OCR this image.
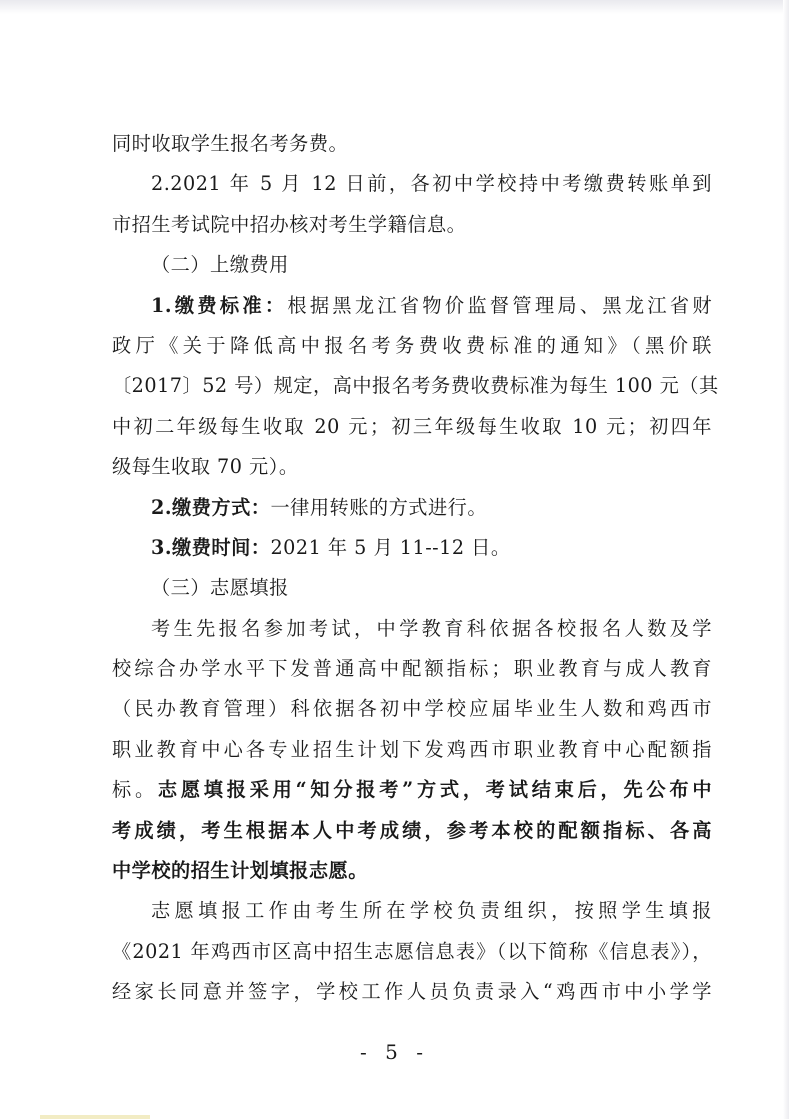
同时收取学生报名考务费。
2.2021 年 5 月 12 日前，各初中学校持中考缴费转账单到
市招生考试院中招办核对考生学籍信息。
（二）上缴费用
1.缴费标准：根据黑龙江省物价监督管理局、黑龙江省财
政厅《关于降低高中报名考务费收费标准的通知》（黑价联
〔2017〕52 号）规定，高中报名考务费收费标准为每生 100 元（其
中初二年级每生收取 20 元；初三年级每生收取 10 元；初四年
级每生收取 70 元）。
2.缴费方式：一律用转账的方式进行。
3.缴费时间：2021 年 5 月 11--12 日。
（三）志愿填报
考生先报名参加考试，中学教育科依据各校报名人数及学
校综合办学水平下发普通高中配额指标；职业教育与成人教育
（民办教育管理）科依据各初中学校应届毕业生人数和鸡西市
职业教育中心各专业招生计划下发鸡西市职业教育中心配额指
标。志愿填报采用“知分报考”方式，考试结束后，先公布中
考成绩，考生根据本人中考成绩，参考本校的配额指标、各高
中学校的招生计划填报志愿。
志愿填报工作由考生所在学校负责组织，按照学生填报
《2021 年鸡西市区高中招生志愿信息表》（以下简称《信息表》），
经家长同意并签字，学校工作人员负责录入“鸡西市中小学学
- 5 -
